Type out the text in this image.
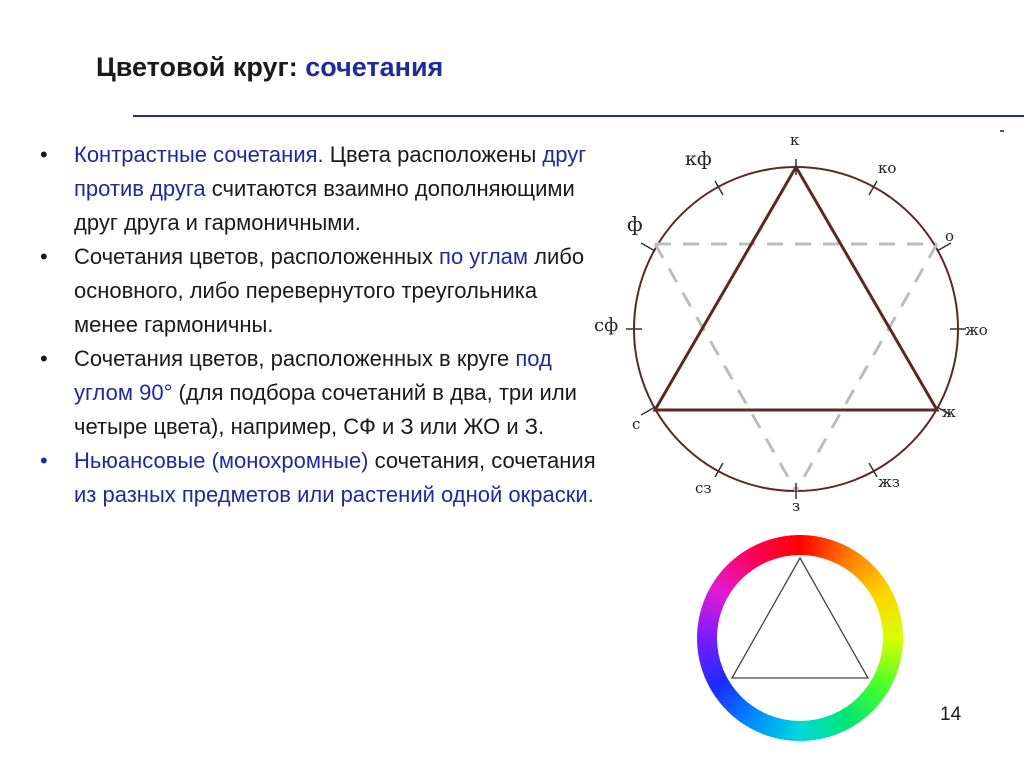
Цветовой круг: сочетания
•	Контрастные сочетания. Цвета расположены друг против друга считаются взаимно дополняющими друг друга и гармоничными.
•	Сочетания цветов, расположенных по углам либо основного, либо перевернутого треугольника менее гармоничны.
•	Сочетания цветов, расположенных в круге под углом 90° (для подбора сочетаний в два, три или четыре цвета), например, СФ и З или ЖО и З.
•	Ньюансовые (монохромные) сочетания, сочетания из разных предметов или растений одной окраски.
к
кф	ко
ф	о
сф	жо
с
ж
сз	жз
з
14
